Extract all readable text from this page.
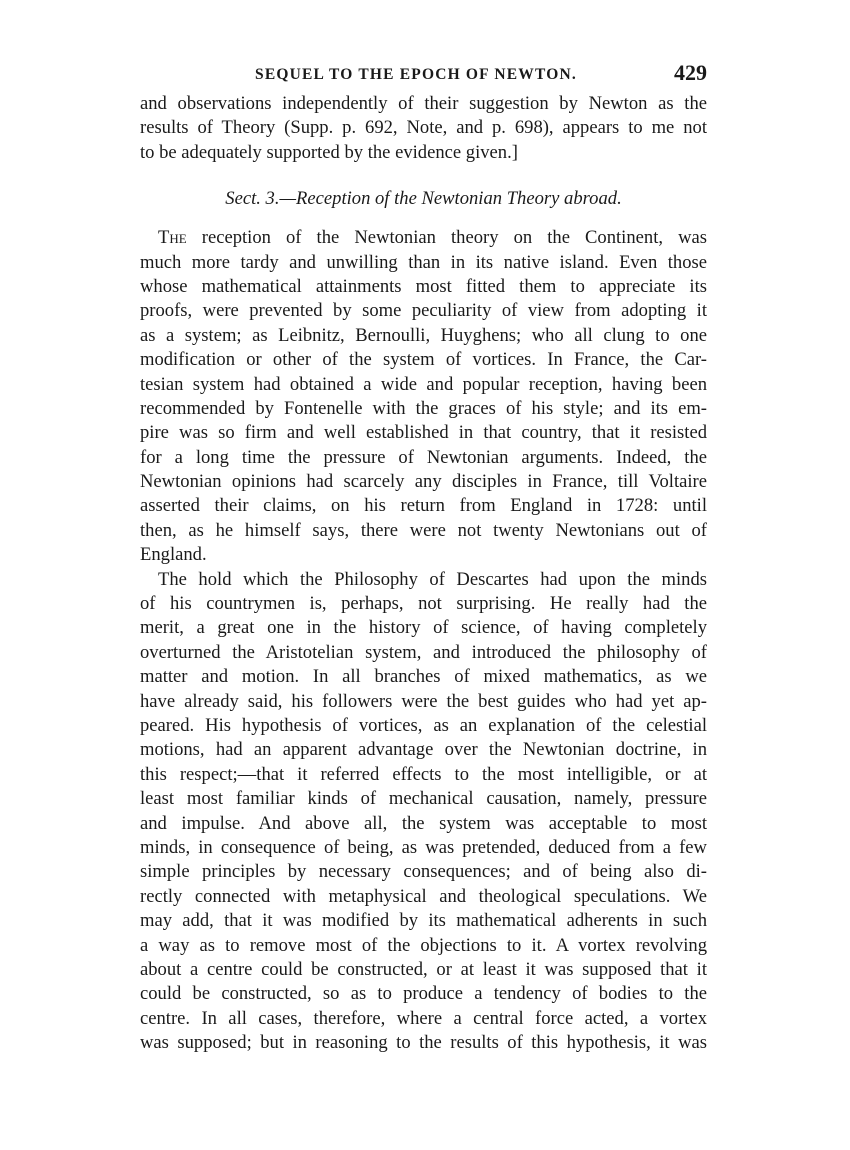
SEQUEL TO THE EPOCH OF NEWTON.	429
and observations independently of their suggestion by Newton as the
results of Theory (Supp. p. 692, Note, and p. 698), appears to me not
to be adequately supported by the evidence given.]
Sect. 3.—Reception of the Newtonian Theory abroad.
The reception of the Newtonian theory on the Continent, was
much more tardy and unwilling than in its native island. Even those
whose mathematical attainments most fitted them to appreciate its
proofs, were prevented by some peculiarity of view from adopting it
as a system; as Leibnitz, Bernoulli, Huyghens; who all clung to one
modification or other of the system of vortices. In France, the Car-
tesian system had obtained a wide and popular reception, having been
recommended by Fontenelle with the graces of his style; and its em-
pire was so firm and well established in that country, that it resisted
for a long time the pressure of Newtonian arguments. Indeed, the
Newtonian opinions had scarcely any disciples in France, till Voltaire
asserted their claims, on his return from England in 1728: until
then, as he himself says, there were not twenty Newtonians out of
England.
The hold which the Philosophy of Descartes had upon the minds
of his countrymen is, perhaps, not surprising. He really had the
merit, a great one in the history of science, of having completely
overturned the Aristotelian system, and introduced the philosophy of
matter and motion. In all branches of mixed mathematics, as we
have already said, his followers were the best guides who had yet ap-
peared. His hypothesis of vortices, as an explanation of the celestial
motions, had an apparent advantage over the Newtonian doctrine, in
this respect;—that it referred effects to the most intelligible, or at
least most familiar kinds of mechanical causation, namely, pressure
and impulse. And above all, the system was acceptable to most
minds, in consequence of being, as was pretended, deduced from a few
simple principles by necessary consequences; and of being also di-
rectly connected with metaphysical and theological speculations. We
may add, that it was modified by its mathematical adherents in such
a way as to remove most of the objections to it. A vortex revolving
about a centre could be constructed, or at least it was supposed that it
could be constructed, so as to produce a tendency of bodies to the
centre. In all cases, therefore, where a central force acted, a vortex
was supposed; but in reasoning to the results of this hypothesis, it was
